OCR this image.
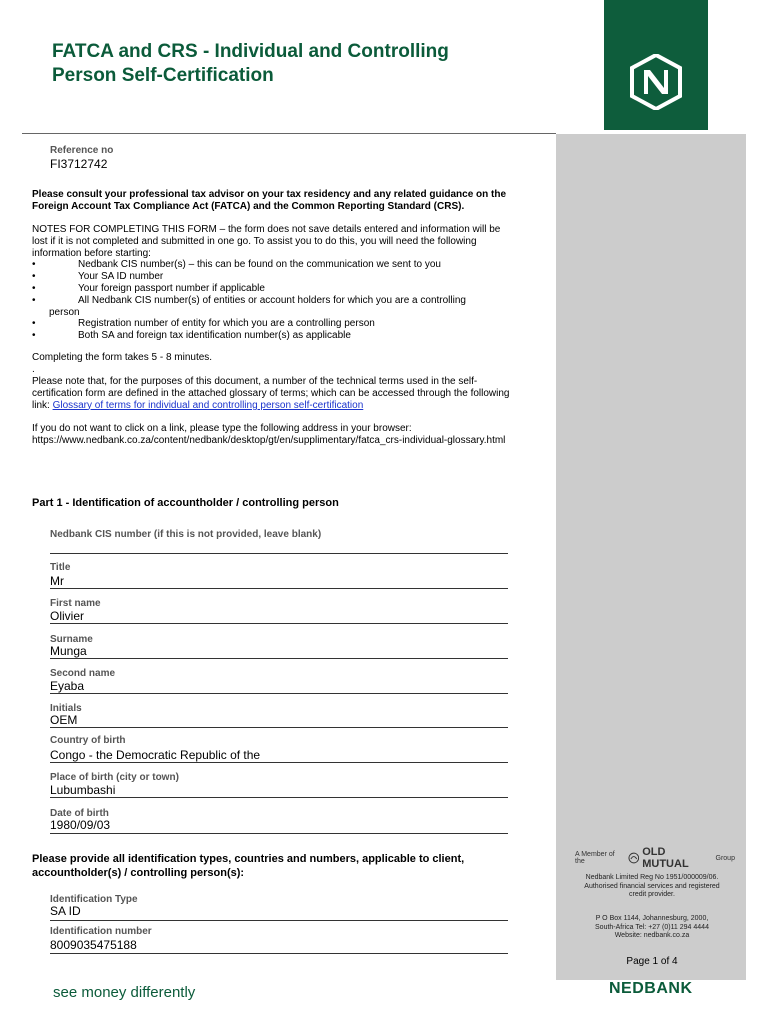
FATCA and CRS - Individual and Controlling
Person Self-Certification
Reference no
FI3712742

Please consult your professional tax advisor on your tax residency and any related guidance on the Foreign Account Tax Compliance Act (FATCA) and the Common Reporting Standard (CRS).

NOTES FOR COMPLETING THIS FORM – the form does not save details entered and information will be lost if it is not completed and submitted in one go. To assist you to do this, you will need the following information before starting:
•	Nedbank CIS number(s) – this can be found on the communication we sent to you
•	Your SA ID number
•	Your foreign passport number if applicable
•	All Nedbank CIS number(s) of entities or account holders for which you are a controlling
person
•	Registration number of entity for which you are a controlling person
•	Both SA and foreign tax identification number(s) as applicable

Completing the form takes 5 - 8 minutes.

.

Please note that, for the purposes of this document, a number of the technical terms used in the self-certification form are defined in the attached glossary of terms; which can be accessed through the following link: Glossary of terms for individual and controlling person self-certification

If you do not want to click on a link, please type the following address in your browser:
https://www.nedbank.co.za/content/nedbank/desktop/gt/en/supplimentary/fatca_crs-individual-glossary.html

Part 1 - Identification of accountholder / controlling person
Nedbank CIS number (if this is not provided, leave blank)
Title
Mr
First name
Olivier
Surname
Munga
Second name
Eyaba
Initials
OEM
Country of birth
Congo - the Democratic Republic of the
Place of birth (city or town)
Lubumbashi
Date of birth
1980/09/03
Please provide all identification types, countries and numbers, applicable to client, accountholder(s) / controlling person(s):
Identification Type
SA ID
Identification number
8009035475188
A Member of the
OLD MUTUAL	Group
Nedbank Limited Reg No 1951/000009/06.
Authorised financial services and registered
credit provider.
P O Box 1144, Johannesburg, 2000,
South-Africa Tel: +27 (0)11 294 4444
Website: nedbank.co.za
Page 1 of 4
see money differently	NEDBANK
